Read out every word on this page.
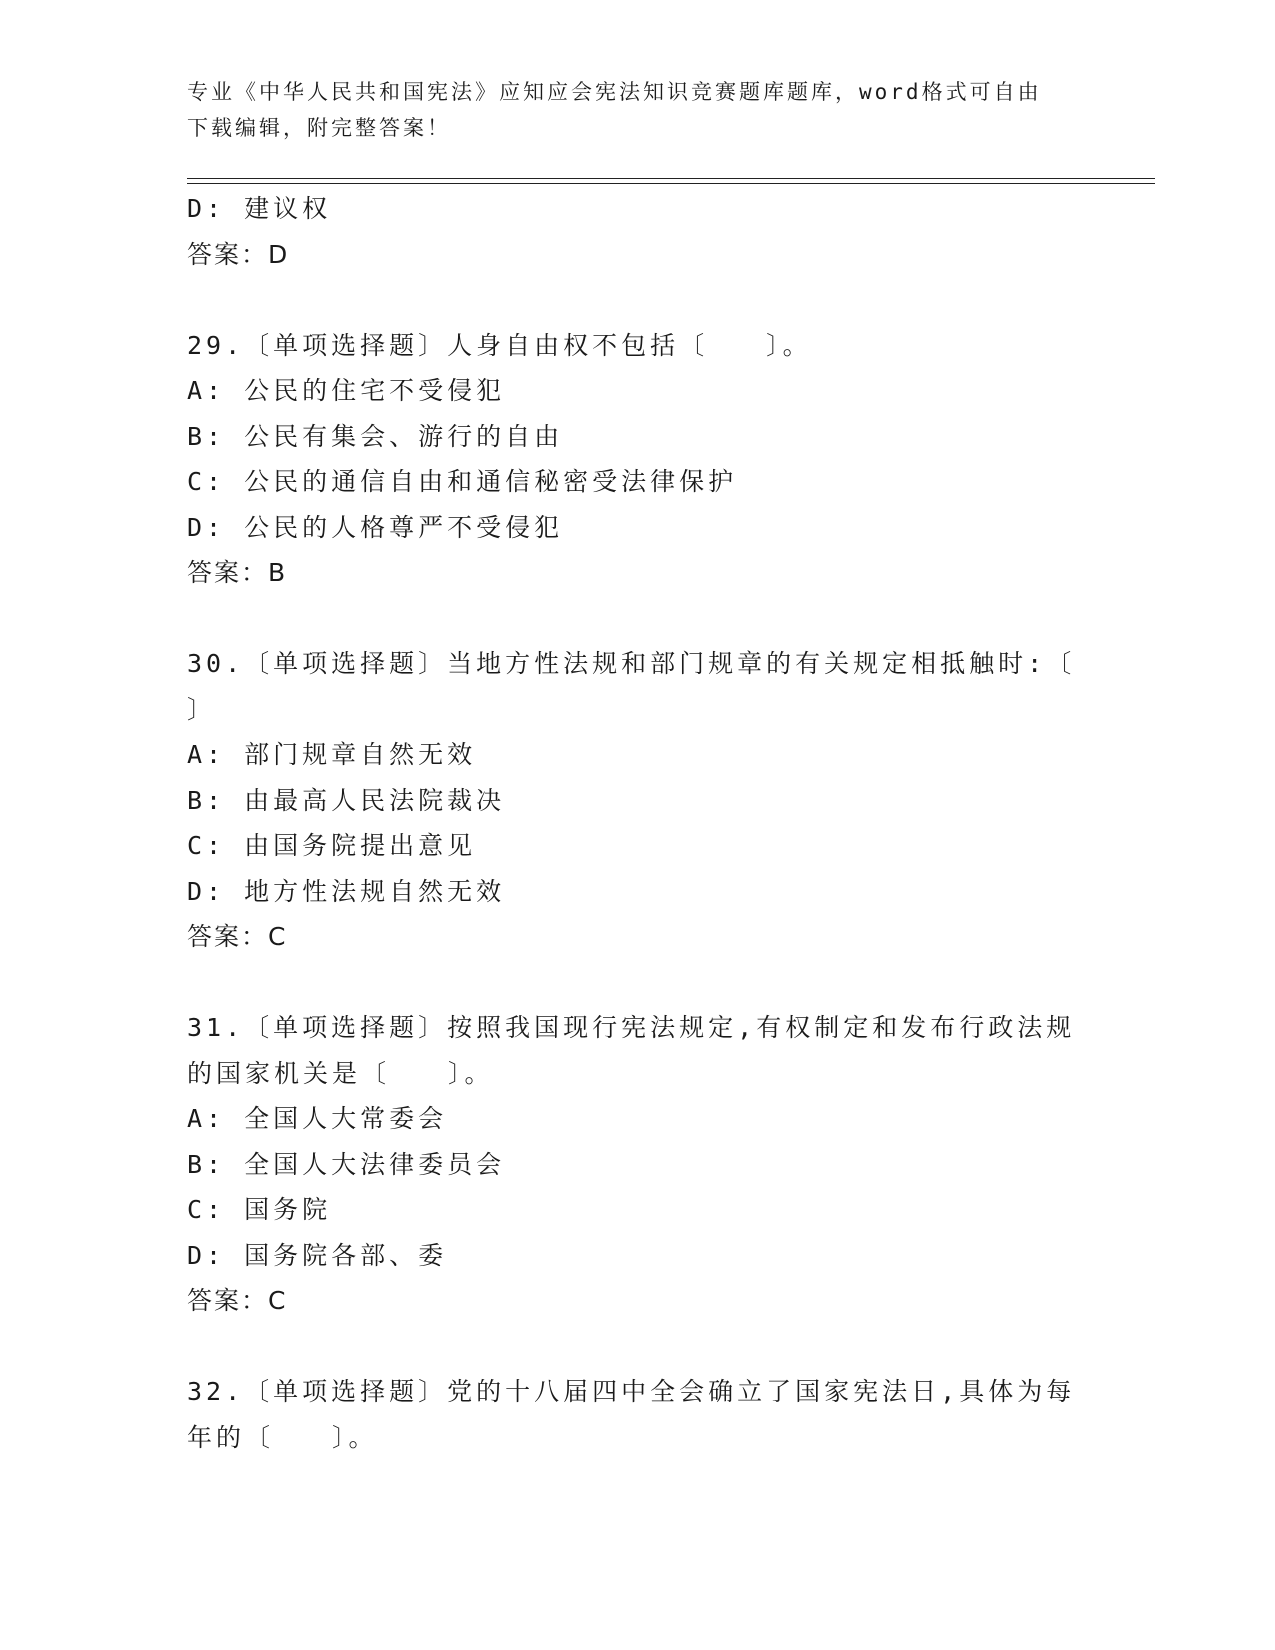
专业《中华人民共和国宪法》应知应会宪法知识竞赛题库题库，word格式可自由
下载编辑，附完整答案！
D: 建议权
答案：D
29.〔单项选择题〕人身自由权不包括〔　　〕。
A: 公民的住宅不受侵犯
B: 公民有集会、游行的自由
C: 公民的通信自由和通信秘密受法律保护
D: 公民的人格尊严不受侵犯
答案：B
30.〔单项选择题〕当地方性法规和部门规章的有关规定相抵触时:〔
〕
A: 部门规章自然无效
B: 由最高人民法院裁决
C: 由国务院提出意见
D: 地方性法规自然无效
答案：C
31.〔单项选择题〕按照我国现行宪法规定,有权制定和发布行政法规
的国家机关是〔　　〕。
A: 全国人大常委会
B: 全国人大法律委员会
C: 国务院
D: 国务院各部、委
答案：C
32.〔单项选择题〕党的十八届四中全会确立了国家宪法日,具体为每
年的〔　　〕。
